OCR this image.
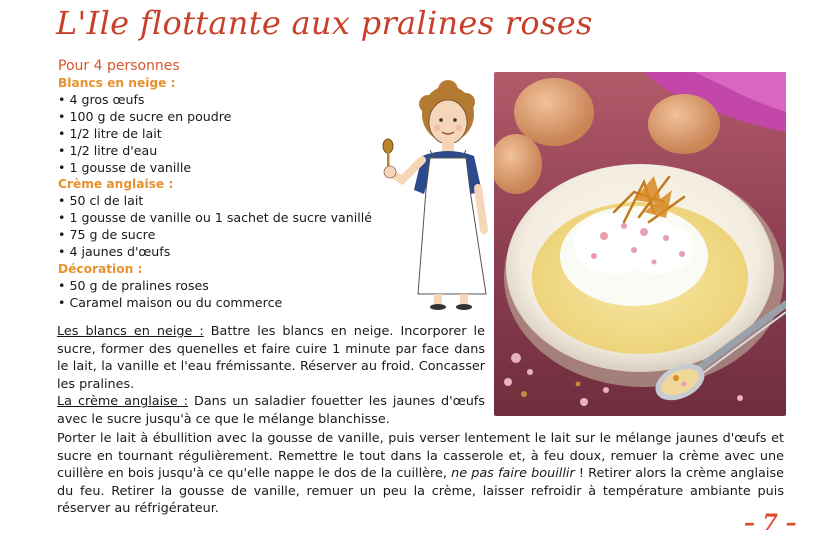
L'Ile flottante aux pralines roses
Pour 4 personnes
Blancs en neige :
• 4 gros œufs
• 100 g de sucre en poudre
• 1/2 litre de lait
• 1/2 litre d'eau
• 1 gousse de vanille
Crème anglaise :
• 50 cl de lait
• 1 gousse de vanille ou 1 sachet de sucre vanillé
• 75 g de sucre
• 4 jaunes d'œufs
Décoration :
• 50 g de pralines roses
• Caramel maison ou du commerce
Les blancs en neige : Battre les blancs en neige. Incorporer le sucre, former des quenelles et faire cuire 1 minute par face dans le lait, la vanille et l'eau frémissante. Réserver au froid. Concasser les pralines.
La crème anglaise : Dans un saladier fouetter les jaunes d'œufs avec le sucre jusqu'à ce que le mélange blanchisse.
Porter le lait à ébullition avec la gousse de vanille, puis verser lentement le lait sur le mélange jaunes d'œufs et sucre en tournant régulièrement. Remettre le tout dans la casserole et, à feu doux, remuer la crème avec une cuillère en bois jusqu'à ce qu'elle nappe le dos de la cuillère, ne pas faire bouillir ! Retirer alors la crème anglaise du feu. Retirer la gousse de vanille, remuer un peu la crème, laisser refroidir à température ambiante puis réserver au réfrigérateur.
– 7 –
